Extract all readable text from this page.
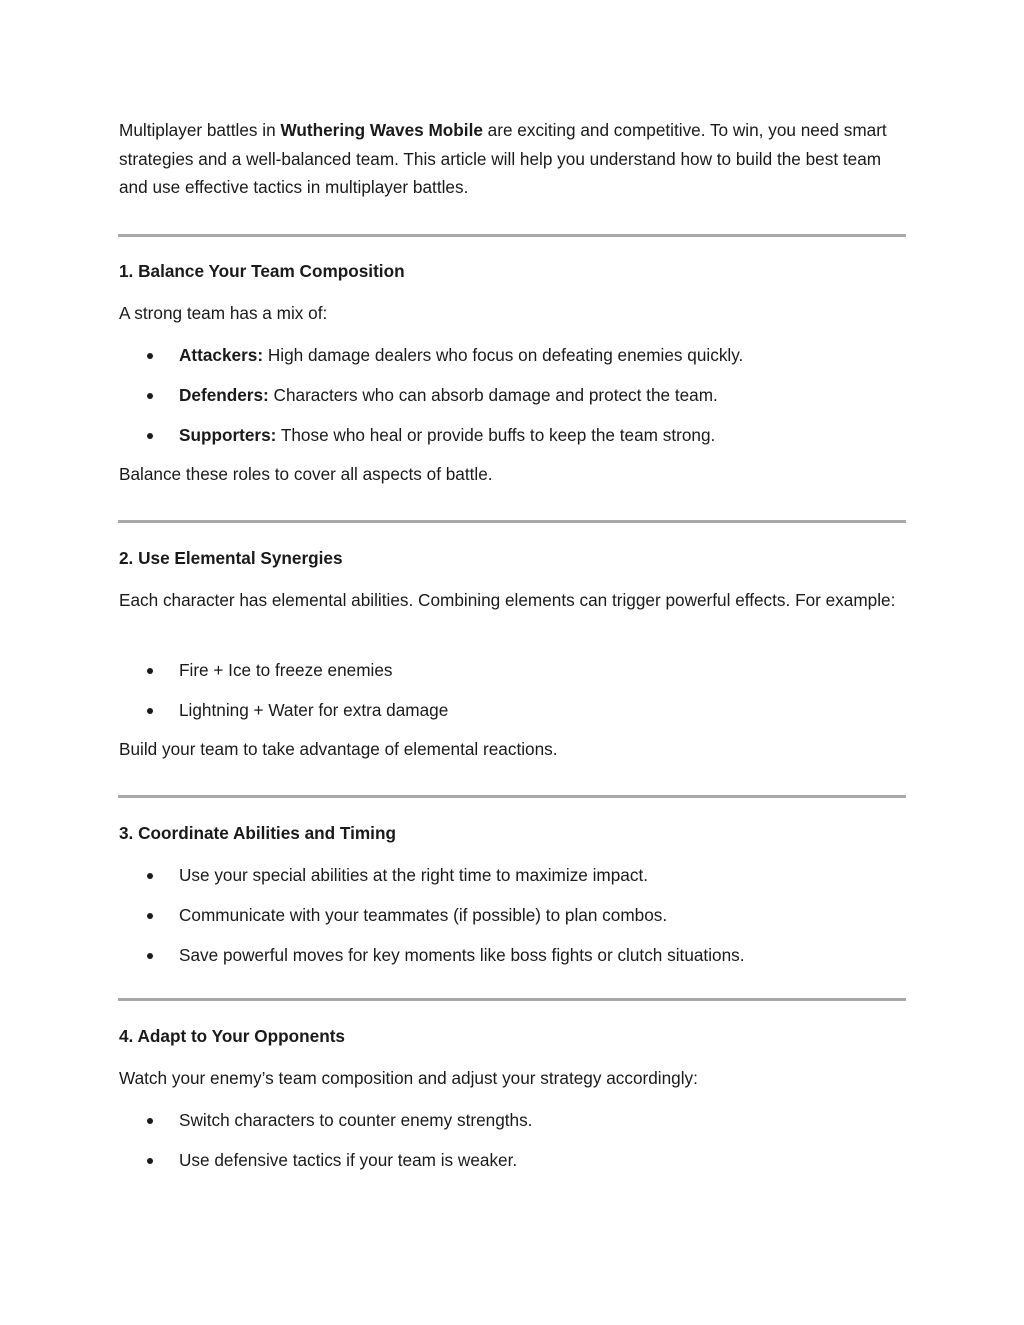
Multiplayer battles in Wuthering Waves Mobile are exciting and competitive. To win, you need smart strategies and a well-balanced team. This article will help you understand how to build the best team and use effective tactics in multiplayer battles.

1. Balance Your Team Composition

A strong team has a mix of:

Attackers: High damage dealers who focus on defeating enemies quickly.

Defenders: Characters who can absorb damage and protect the team.

Supporters: Those who heal or provide buffs to keep the team strong.

Balance these roles to cover all aspects of battle.

2. Use Elemental Synergies

Each character has elemental abilities. Combining elements can trigger powerful effects. For example:

Fire + Ice to freeze enemies

Lightning + Water for extra damage

Build your team to take advantage of elemental reactions.

3. Coordinate Abilities and Timing

Use your special abilities at the right time to maximize impact.

Communicate with your teammates (if possible) to plan combos.

Save powerful moves for key moments like boss fights or clutch situations.

4. Adapt to Your Opponents

Watch your enemy’s team composition and adjust your strategy accordingly:

Switch characters to counter enemy strengths.

Use defensive tactics if your team is weaker.
